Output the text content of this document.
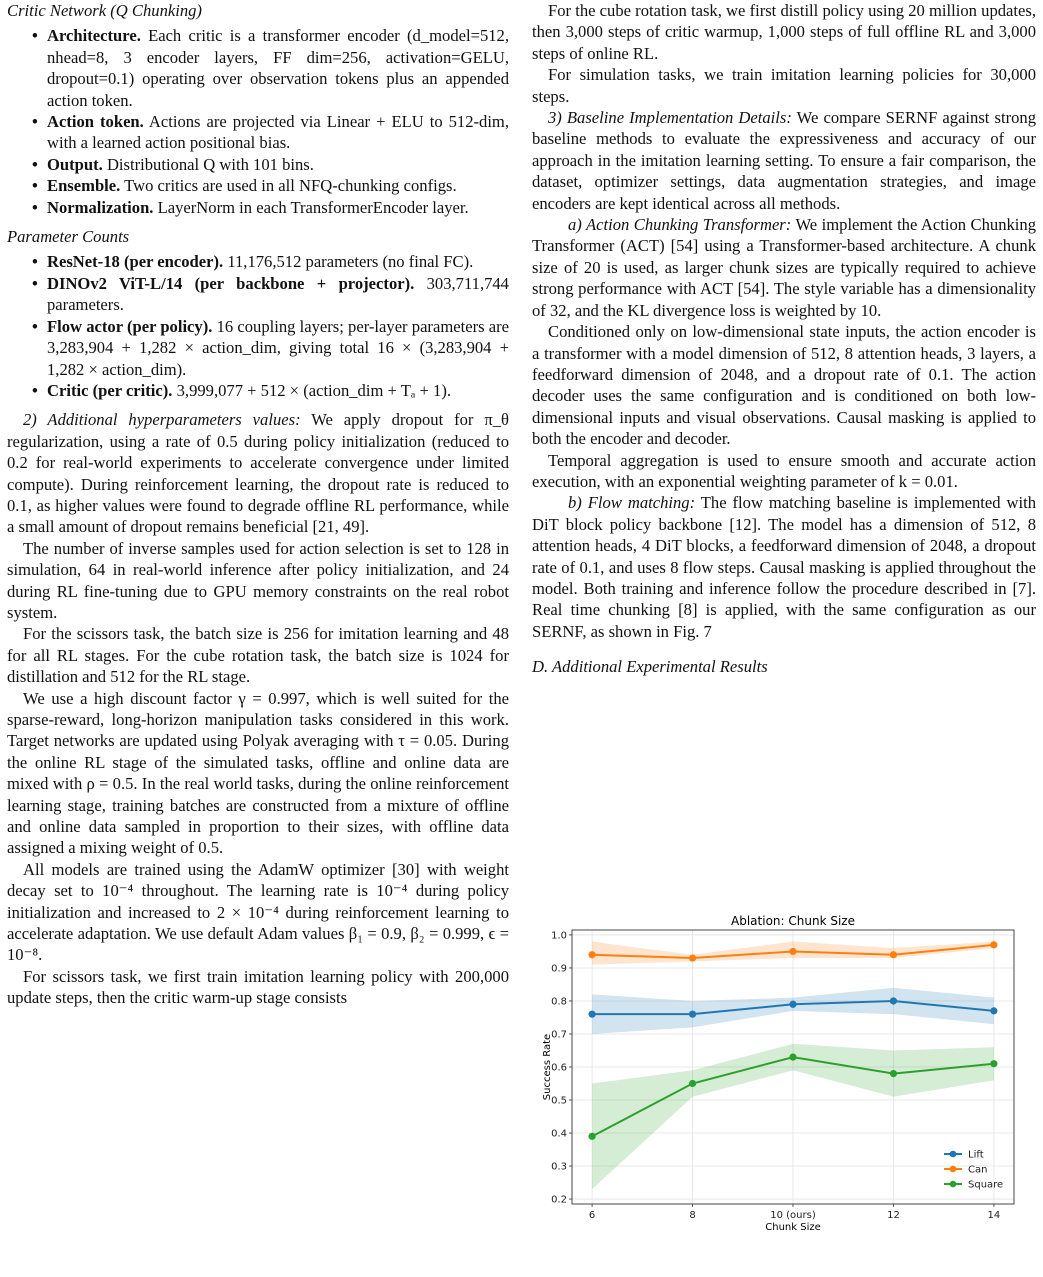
Critic Network (Q Chunking)

• Architecture. Each critic is a transformer encoder (d_model=512, nhead=8, 3 encoder layers, FF dim=256, activation=GELU, dropout=0.1) operating over observation tokens plus an appended action token.
• Action token. Actions are projected via Linear + ELU to 512-dim, with a learned action positional bias.
• Output. Distributional Q with 101 bins.
• Ensemble. Two critics are used in all NFQ-chunking configs.
• Normalization. LayerNorm in each TransformerEncoder layer.

Parameter Counts

• ResNet-18 (per encoder). 11,176,512 parameters (no final FC).
• DINOv2 ViT-L/14 (per backbone + projector). 303,711,744 parameters.
• Flow actor (per policy). 16 coupling layers; per-layer parameters are 3,283,904 + 1,282 × action_dim, giving total 16 × (3,283,904 + 1,282 × action_dim).
• Critic (per critic). 3,999,077 + 512 × (action_dim + Tₐ + 1).

2) Additional hyperparameters values: We apply dropout for π_θ regularization, using a rate of 0.5 during policy initialization (reduced to 0.2 for real-world experiments to accelerate convergence under limited compute). During reinforcement learning, the dropout rate is reduced to 0.1, as higher values were found to degrade offline RL performance, while a small amount of dropout remains beneficial [21, 49].

The number of inverse samples used for action selection is set to 128 in simulation, 64 in real-world inference after policy initialization, and 24 during RL fine-tuning due to GPU memory constraints on the real robot system.

For the scissors task, the batch size is 256 for imitation learning and 48 for all RL stages. For the cube rotation task, the batch size is 1024 for distillation and 512 for the RL stage.

We use a high discount factor γ = 0.997, which is well suited for the sparse-reward, long-horizon manipulation tasks considered in this work. Target networks are updated using Polyak averaging with τ = 0.05. During the online RL stage of the simulated tasks, offline and online data are mixed with ρ = 0.5. In the real world tasks, during the online reinforcement learning stage, training batches are constructed from a mixture of offline and online data sampled in proportion to their sizes, with offline data assigned a mixing weight of 0.5.

All models are trained using the AdamW optimizer [30] with weight decay set to 10⁻⁴ throughout. The learning rate is 10⁻⁴ during policy initialization and increased to 2 × 10⁻⁴ during reinforcement learning to accelerate adaptation. We use default Adam values β₁ = 0.9, β₂ = 0.999, ϵ = 10⁻⁸.

For scissors task, we first train imitation learning policy with 200,000 update steps, then the critic warm-up stage consists

For the cube rotation task, we first distill policy using 20 million updates, then 3,000 steps of critic warmup, 1,000 steps of full offline RL and 3,000 steps of online RL.

For simulation tasks, we train imitation learning policies for 30,000 steps.

3) Baseline Implementation Details: We compare SERNF against strong baseline methods to evaluate the expressiveness and accuracy of our approach in the imitation learning setting. To ensure a fair comparison, the dataset, optimizer settings, data augmentation strategies, and image encoders are kept identical across all methods.

a) Action Chunking Transformer: We implement the Action Chunking Transformer (ACT) [54] using a Transformer-based architecture. A chunk size of 20 is used, as larger chunk sizes are typically required to achieve strong performance with ACT [54]. The style variable has a dimensionality of 32, and the KL divergence loss is weighted by 10.

Conditioned only on low-dimensional state inputs, the action encoder is a transformer with a model dimension of 512, 8 attention heads, 3 layers, a feedforward dimension of 2048, and a dropout rate of 0.1. The action decoder uses the same configuration and is conditioned on both low-dimensional inputs and visual observations. Causal masking is applied to both the encoder and decoder.

Temporal aggregation is used to ensure smooth and accurate action execution, with an exponential weighting parameter of k = 0.01.

b) Flow matching: The flow matching baseline is implemented with DiT block policy backbone [12]. The model has a dimension of 512, 8 attention heads, 4 DiT blocks, a feedforward dimension of 2048, a dropout rate of 0.1, and uses 8 flow steps. Causal masking is applied throughout the model. Both training and inference follow the procedure described in [7]. Real time chunking [8] is applied, with the same configuration as our SERNF, as shown in Fig. 7

D. Additional Experimental Results

0.2
0.3
0.4
0.5
0.6
0.7
0.8
0.9
1.0
6	8	10 (ours)	12	14
Ablation: Chunk Size
Chunk Size
Success Rate
Lift
Can
Square
